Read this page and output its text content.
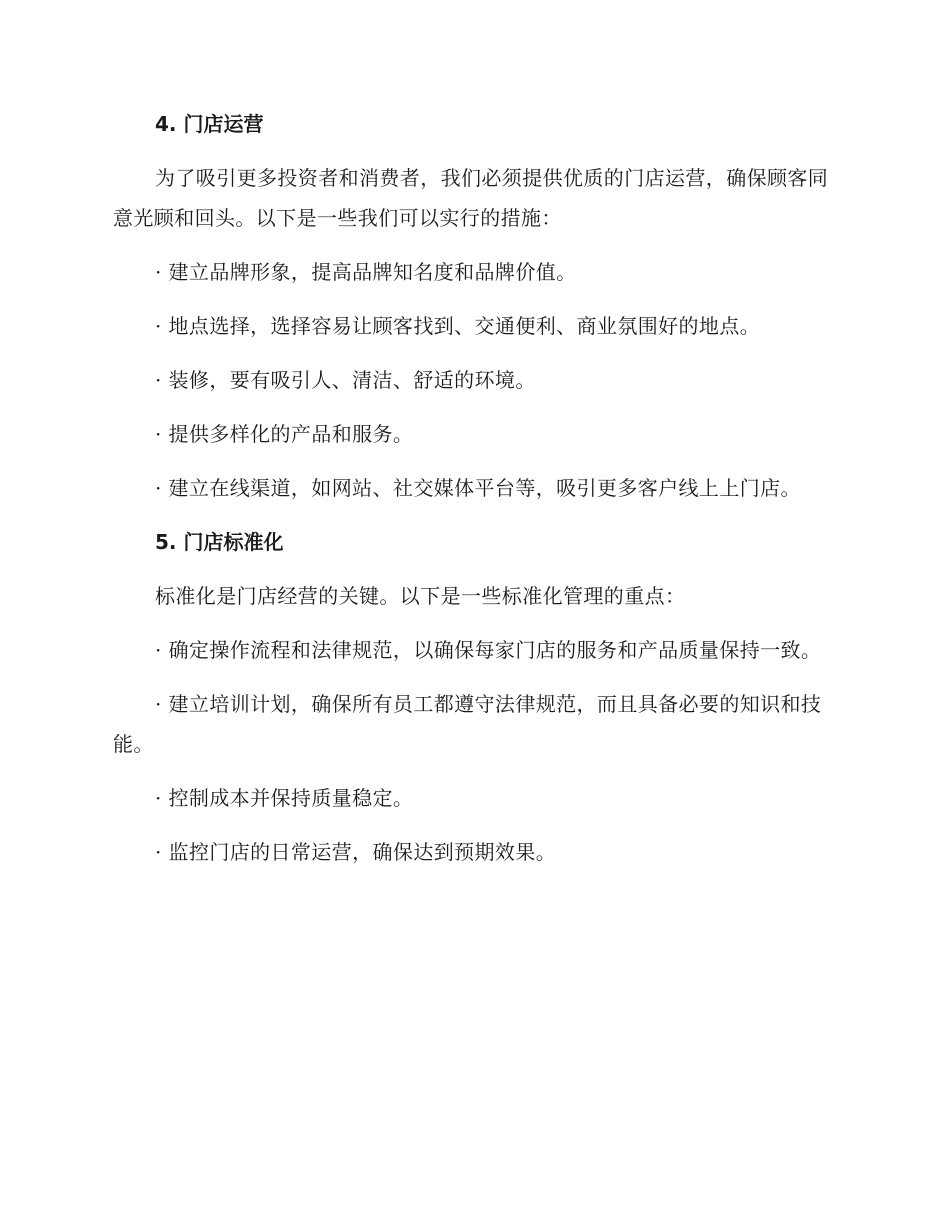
4. 门店运营

为了吸引更多投资者和消费者，我们必须提供优质的门店运营，确保顾客同意光顾和回头。以下是一些我们可以实行的措施：

· 建立品牌形象，提高品牌知名度和品牌价值。

· 地点选择，选择容易让顾客找到、交通便利、商业氛围好的地点。

· 装修，要有吸引人、清洁、舒适的环境。

· 提供多样化的产品和服务。

· 建立在线渠道，如网站、社交媒体平台等，吸引更多客户线上上门店。

5. 门店标准化

标准化是门店经营的关键。以下是一些标准化管理的重点：

· 确定操作流程和法律规范，以确保每家门店的服务和产品质量保持一致。

· 建立培训计划，确保所有员工都遵守法律规范，而且具备必要的知识和技能。

· 控制成本并保持质量稳定。

· 监控门店的日常运营，确保达到预期效果。
